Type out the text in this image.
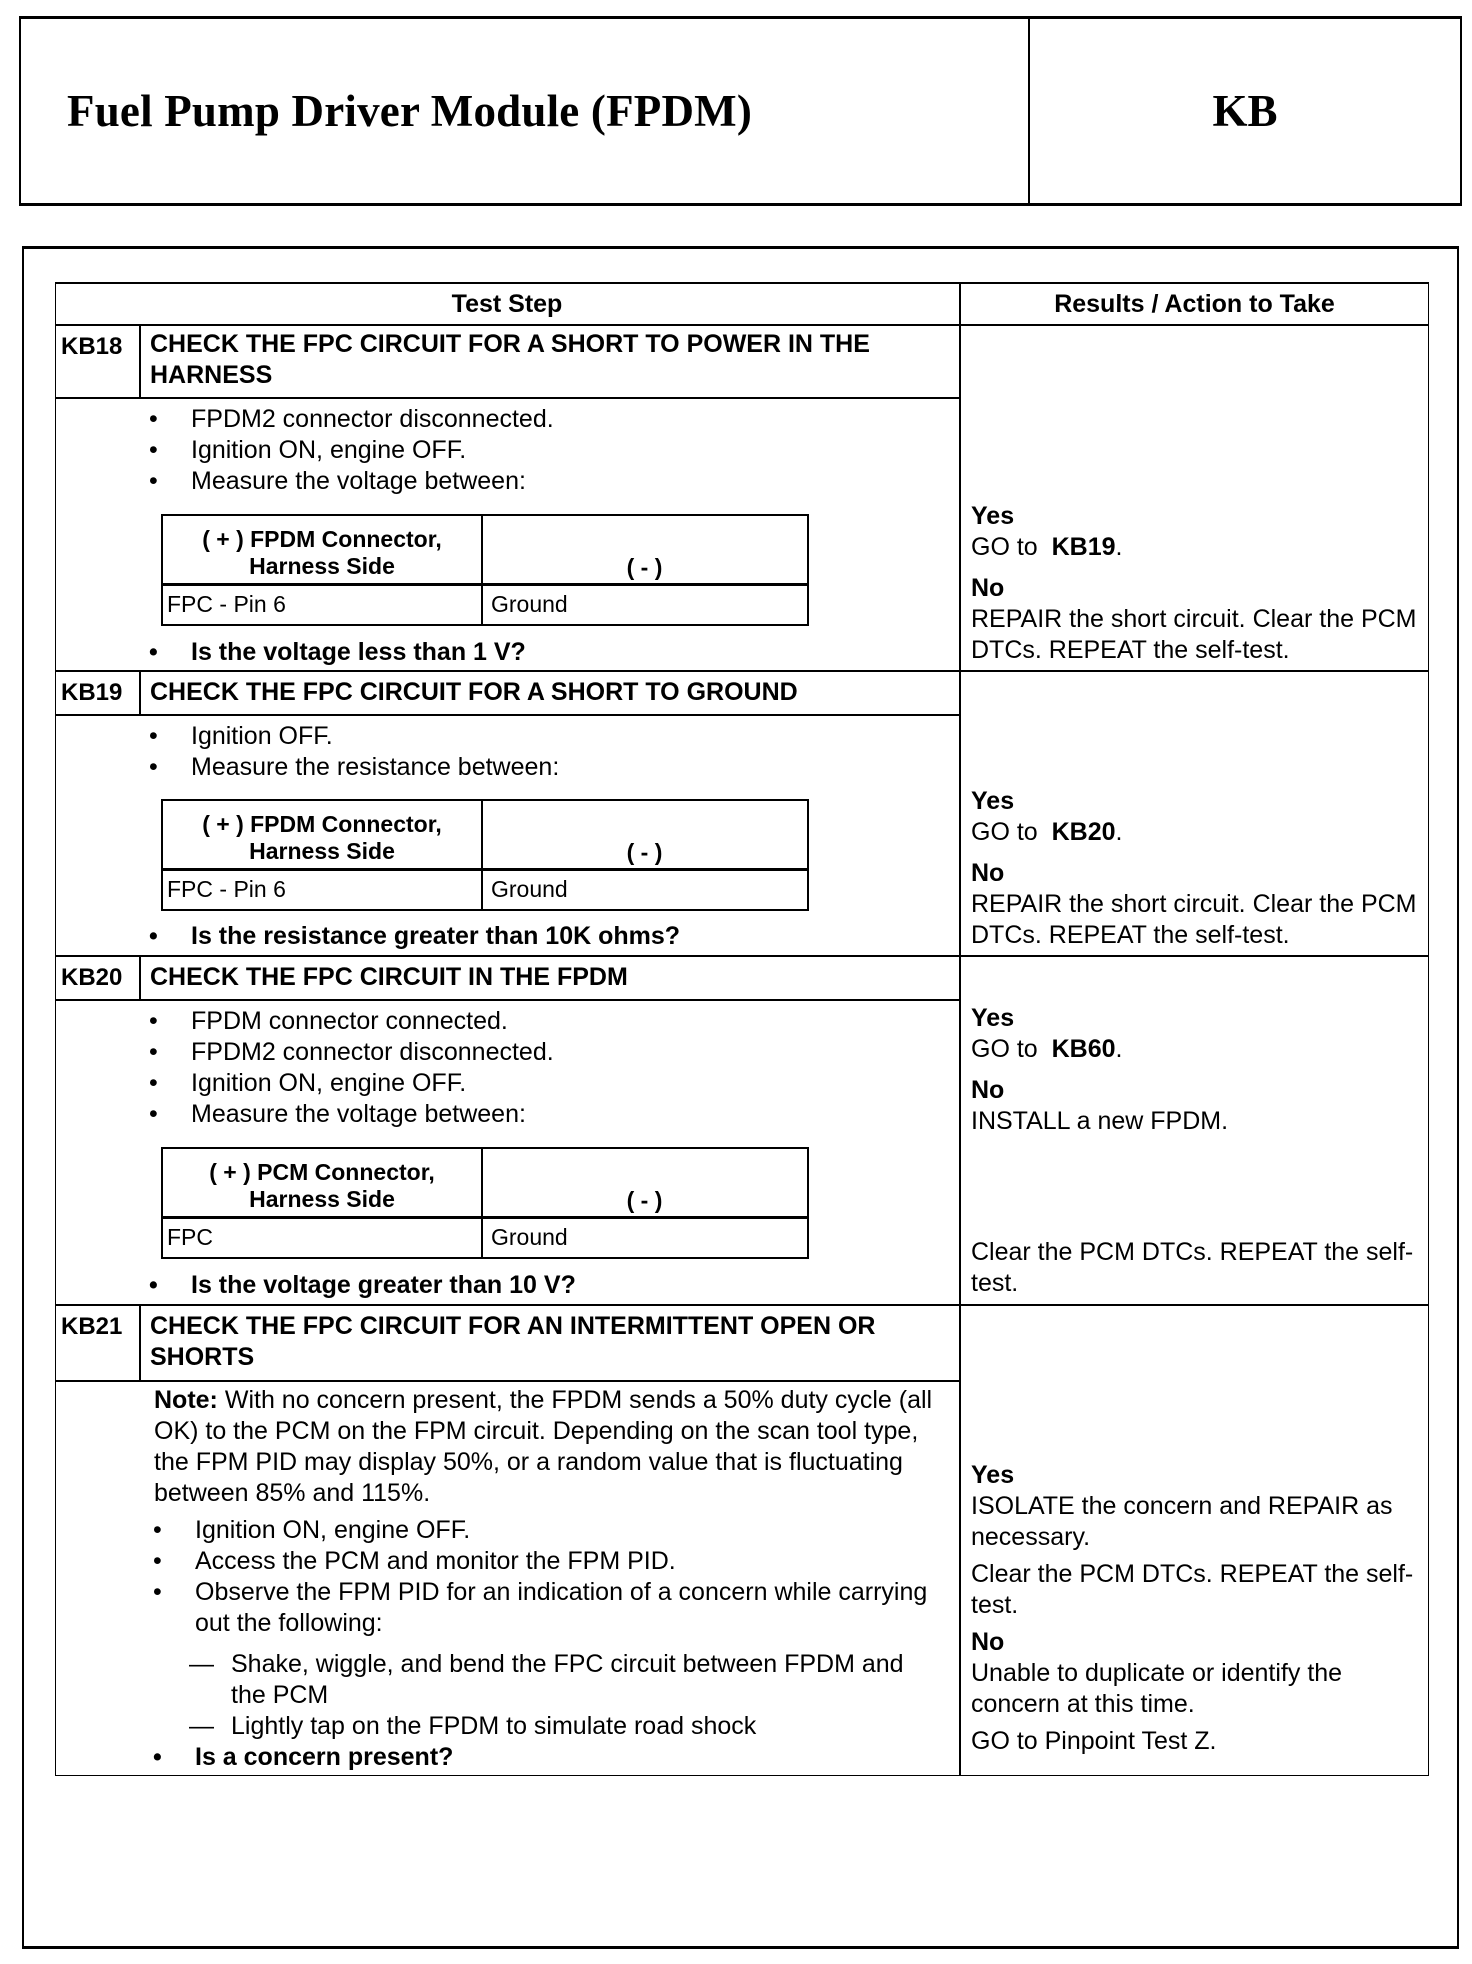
Fuel Pump Driver Module (FPDM)	KB
Test Step	Results / Action to Take
KB18	CHECK THE FPC CIRCUIT FOR A SHORT TO POWER IN THE HARNESS
• FPDM2 connector disconnected.
• Ignition ON, engine OFF.
• Measure the voltage between:
( + ) FPDM Connector, Harness Side	( - )
FPC - Pin 6	Ground
• Is the voltage less than 1 V?
Yes
GO to KB19.
No
REPAIR the short circuit. Clear the PCM DTCs. REPEAT the self-test.
KB19	CHECK THE FPC CIRCUIT FOR A SHORT TO GROUND
• Ignition OFF.
• Measure the resistance between:
( + ) FPDM Connector, Harness Side	( - )
FPC - Pin 6	Ground
• Is the resistance greater than 10K ohms?
Yes
GO to KB20.
No
REPAIR the short circuit. Clear the PCM DTCs. REPEAT the self-test.
KB20	CHECK THE FPC CIRCUIT IN THE FPDM
• FPDM connector connected.
• FPDM2 connector disconnected.
• Ignition ON, engine OFF.
• Measure the voltage between:
( + ) PCM Connector, Harness Side	( - )
FPC	Ground
• Is the voltage greater than 10 V?
Yes
GO to KB60.
No
INSTALL a new FPDM.
Clear the PCM DTCs. REPEAT the self-test.
KB21	CHECK THE FPC CIRCUIT FOR AN INTERMITTENT OPEN OR SHORTS
Note: With no concern present, the FPDM sends a 50% duty cycle (all OK) to the PCM on the FPM circuit. Depending on the scan tool type, the FPM PID may display 50%, or a random value that is fluctuating between 85% and 115%.
• Ignition ON, engine OFF.
• Access the PCM and monitor the FPM PID.
• Observe the FPM PID for an indication of a concern while carrying out the following:
— Shake, wiggle, and bend the FPC circuit between FPDM and the PCM
— Lightly tap on the FPDM to simulate road shock
• Is a concern present?
Yes
ISOLATE the concern and REPAIR as necessary.
Clear the PCM DTCs. REPEAT the self-test.
No
Unable to duplicate or identify the concern at this time.
GO to Pinpoint Test Z.
